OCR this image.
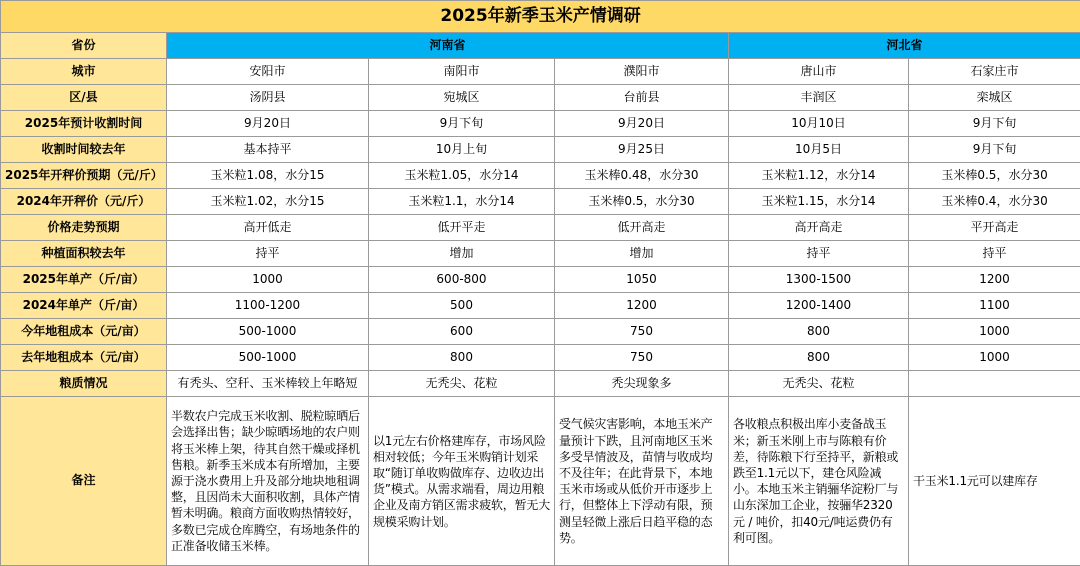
2025年新季玉米产情调研					
省份	河南省			河北省	
城市	安阳市	南阳市	濮阳市	唐山市	石家庄市
区/县	汤阴县	宛城区	台前县	丰润区	栾城区
2025年预计收割时间	9月20日	9月下旬	9月20日	10月10日	9月下旬
收割时间较去年	基本持平	10月上旬	9月25日	10月5日	9月下旬
2025年开秤价预期（元/斤）	玉米粒1.08，水分15	玉米粒1.05，水分14	玉米棒0.48，水分30	玉米粒1.12，水分14	玉米棒0.5，水分30
2024年开秤价（元/斤）	玉米粒1.02，水分15	玉米粒1.1，水分14	玉米棒0.5，水分30	玉米粒1.15，水分14	玉米棒0.4，水分30
价格走势预期	高开低走	低开平走	低开高走	高开高走	平开高走
种植面积较去年	持平	增加	增加	持平	持平
2025年单产（斤/亩）	1000	600-800	1050	1300-1500	1200
2024年单产（斤/亩）	1100-1200	500	1200	1200-1400	1100
今年地租成本（元/亩）	500-1000	600	750	800	1000
去年地租成本（元/亩）	500-1000	800	750	800	1000
粮质情况	有秃头、空秆、玉米棒较上年略短	无秃尖、花粒	秃尖现象多	无秃尖、花粒	
备注	半数农户完成玉米收割、脱粒晾晒后会选择出售；缺少晾晒场地的农户则将玉米棒上架，待其自然干燥或择机售粮。新季玉米成本有所增加，主要源于浇水费用上升及部分地块地租调整，且因尚未大面积收割，具体产情暂未明确。粮商方面收购热情较好，多数已完成仓库腾空，有场地条件的正准备收储玉米棒。	以1元左右价格建库存，市场风险相对较低；今年玉米购销计划采取“随订单收购做库存、边收边出货”模式。从需求端看，周边用粮企业及南方销区需求疲软，暂无大规模采购计划。	受气候灾害影响，本地玉米产量预计下跌，且河南地区玉米多受旱情波及，苗情与收成均不及往年；在此背景下，本地玉米市场或从低价开市逐步上行，但整体上下浮动有限，预测呈轻微上涨后日趋平稳的态势。	各收粮点积极出库小麦备战玉米；新玉米刚上市与陈粮有价差，待陈粮下行至持平，新粮或跌至1.1元以下，建仓风险减小。本地玉米主销骊华淀粉厂与山东深加工企业，按骊华2320元 / 吨价，扣40元/吨运费仍有利可图。	干玉米1.1元可以建库存
